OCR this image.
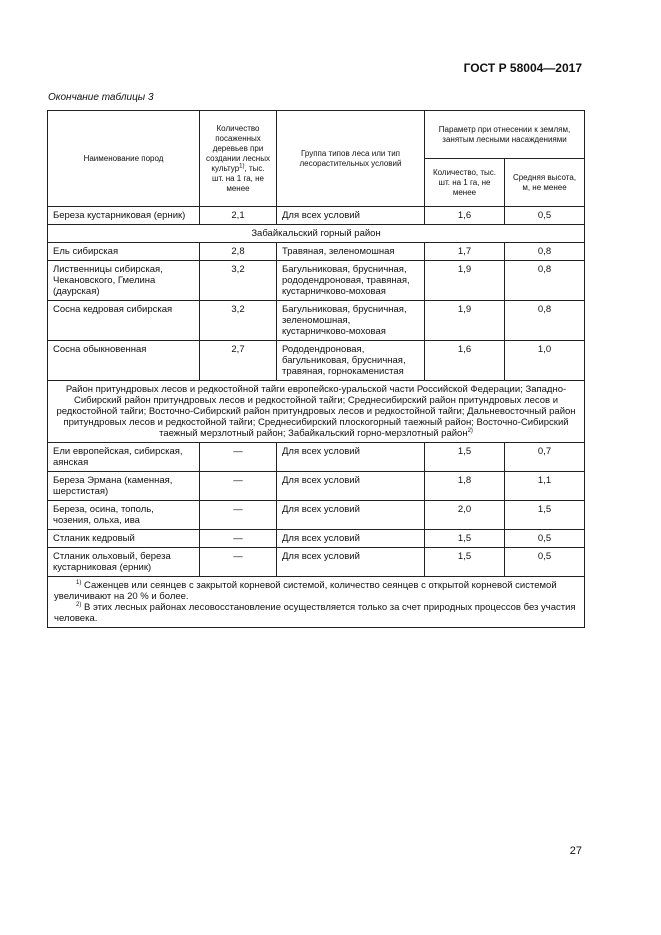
ГОСТ Р 58004—2017
Окончание таблицы 3
Наименование пород	Количество посаженных деревьев при создании лесных культур$^{1)}$, тыс. шт. на 1 га, не менее	Группа типов леса или тип лесорастительных условий	Параметр при отнесении к землям, занятым лесными насаждениями	
			Количество, тыс. шт. на 1 га, не менее	Средняя высота, м, не менее
Береза кустарниковая (ерник)	2,1	Для всех условий	1,6	0,5
Забайкальский горный район				
Ель сибирская	2,8	Травяная, зеленомошная	1,7	0,8
Лиственницы сибирская, Чекановского, Гмелина (даурская)	3,2	Багульниковая, брусничная, рододендроновая, травяная, кустарничково-моховая	1,9	0,8
Сосна кедровая сибирская	3,2	Багульниковая, брусничная, зеленомошная, кустарничково-моховая	1,9	0,8
Сосна обыкновенная	2,7	Рододендроновая, багульниковая, брусничная, травяная, горнокаменистая	1,6	1,0
Район притундровых лесов и редкостойной тайги европейско-уральской части Российской Федерации; Западно-Сибирский район притундровых лесов и редкостойной тайги; Среднесибирский район притундровых лесов и редкостойной тайги; Восточно-Сибирский район притундровых лесов и редкостойной тайги; Дальневосточный район притундровых лесов и редкостойной тайги; Среднесибирский плоскогорный таежный район; Восточно-Сибирский таежный мерзлотный район; Забайкальский горно-мерзлотный район$^{2)}$
Ели европейская, сибирская, аянская	—	Для всех условий	1,5	0,7
Береза Эрмана (каменная, шерстистая)	—	Для всех условий	1,8	1,1
Береза, осина, тополь, чозения, ольха, ива	—	Для всех условий	2,0	1,5
Стланик кедровый	—	Для всех условий	1,5	0,5
Стланик ольховый, береза кустарниковая (ерник)	—	Для всех условий	1,5	0,5

$^{1)}$ Саженцев или сеянцев с закрытой корневой системой, количество сеянцев с открытой корневой системой увеличивают на 20 % и более.
$^{2)}$ В этих лесных районах лесовосстановление осуществляется только за счет природных процессов без участия человека.				
27
